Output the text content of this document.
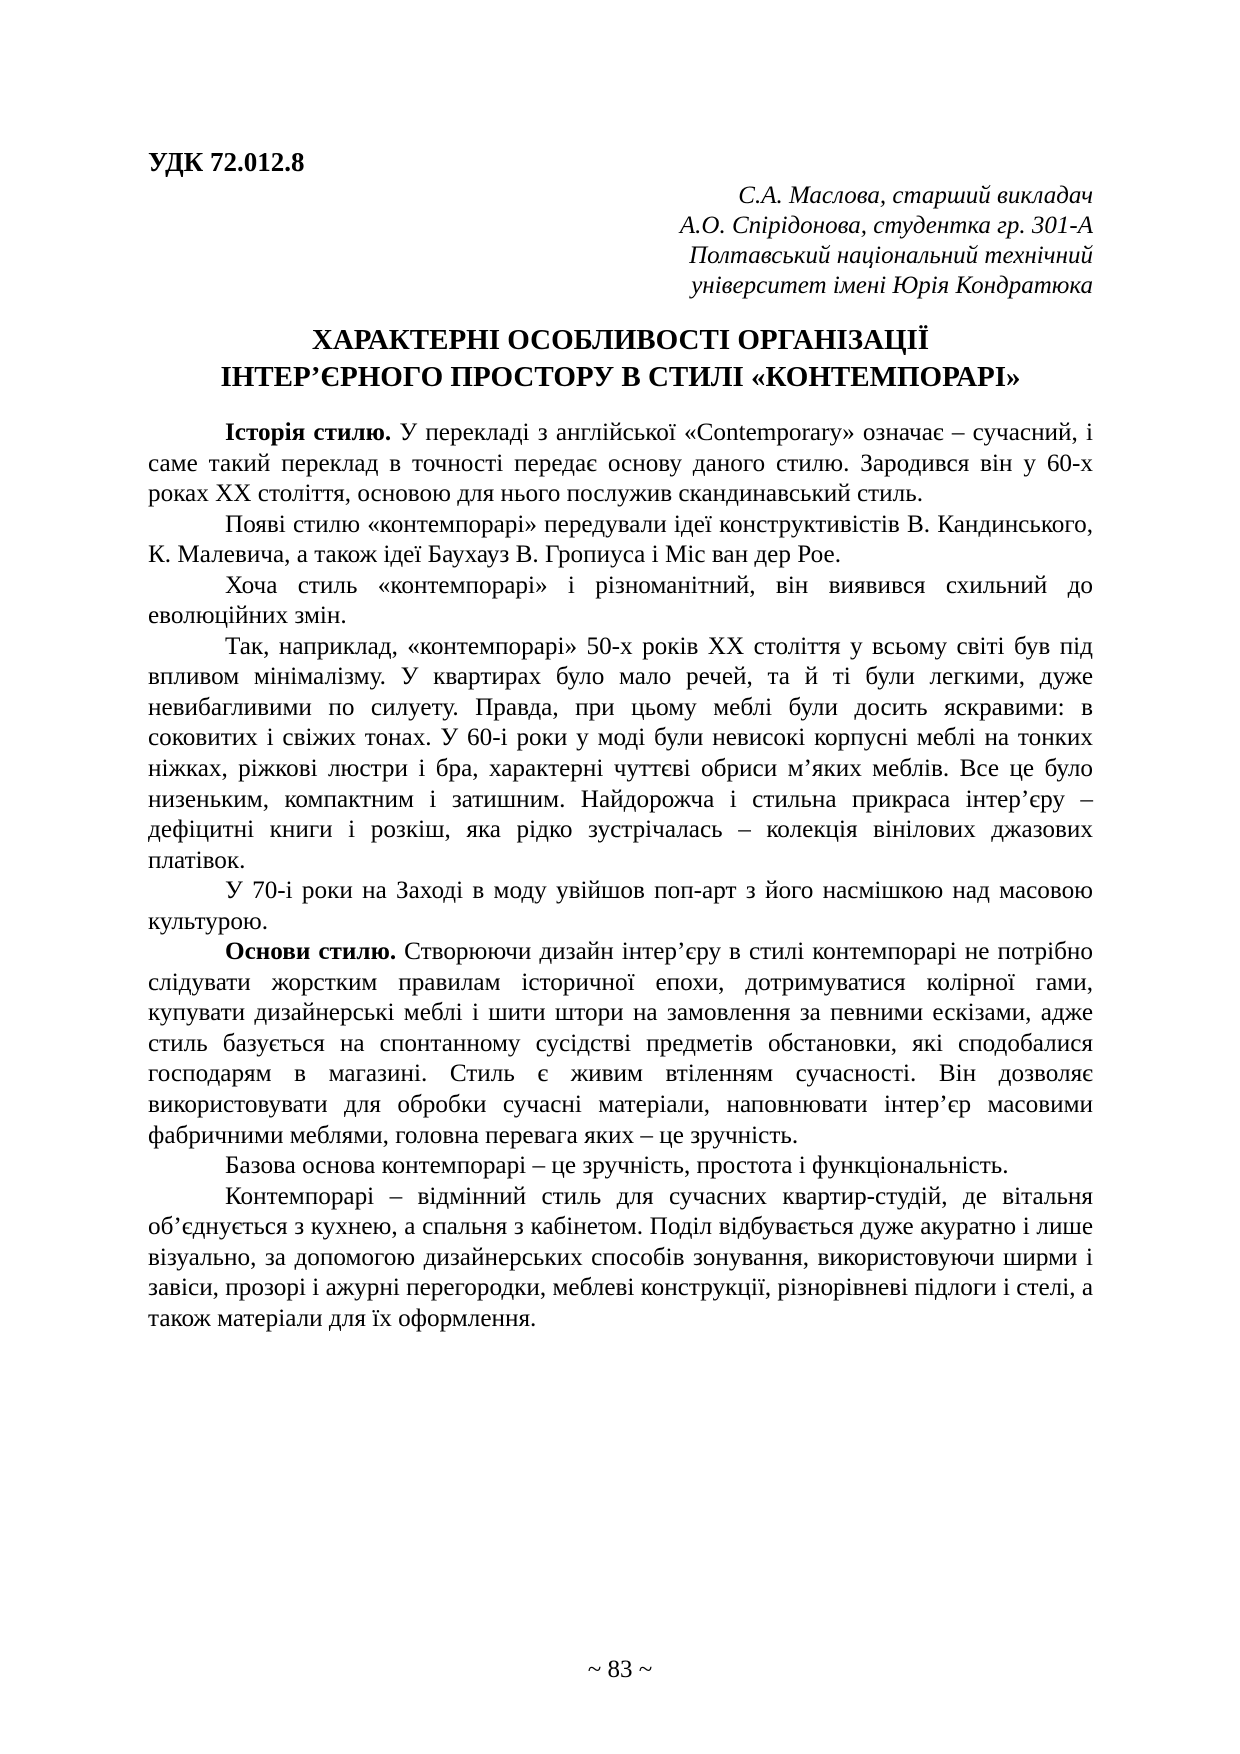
УДК 72.012.8
С.А. Маслова, старший викладач
А.О. Спірідонова, студентка гр. 301-А
Полтавський національний технічний
університет імені Юрія Кондратюка
ХАРАКТЕРНІ ОСОБЛИВОСТІ ОРГАНІЗАЦІЇ
ІНТЕР’ЄРНОГО ПРОСТОРУ В СТИЛІ «КОНТЕМПОРАРІ»

Історія стилю. У перекладі з англійської «Contemporary» означає – сучасний, і саме такий переклад в точності передає основу даного стилю. Зародився він у 60-х роках XX століття, основою для нього послужив скандинавський стиль.

Появі стилю «контемпорарі» передували ідеї конструктивістів В. Кандинського, К. Малевича, а також ідеї Баухауз В. Гропиуса і Міс ван дер Рое.

Хоча стиль «контемпорарі» і різноманітний, він виявився схильний до еволюційних змін.

Так, наприклад, «контемпорарі» 50-х років XX століття у всьому світі був під впливом мінімалізму. У квартирах було мало речей, та й ті були легкими, дуже невибагливими по силуету. Правда, при цьому меблі були досить яскравими: в соковитих і свіжих тонах. У 60-і роки у моді були невисокі корпусні меблі на тонких ніжках, ріжкові люстри і бра, характерні чуттєві обриси м’яких меблів. Все це було низеньким, компактним і затишним. Найдорожча і стильна прикраса інтер’єру – дефіцитні книги і розкіш, яка рідко зустрічалась – колекція вінілових джазових платівок.

У 70-і роки на Заході в моду увійшов поп-арт з його насмішкою над масовою культурою.

Основи стилю. Створюючи дизайн інтер’єру в стилі контемпорарі не потрібно слідувати жорстким правилам історичної епохи, дотримуватися колірної гами, купувати дизайнерські меблі і шити штори на замовлення за певними ескізами, адже стиль базується на спонтанному сусідстві предметів обстановки, які сподобалися господарям в магазині. Стиль є живим втіленням сучасності. Він дозволяє використовувати для обробки сучасні матеріали, наповнювати інтер’єр масовими фабричними меблями, головна перевага яких – це зручність.

Базова основа контемпорарі – це зручність, простота і функціональність.

Контемпорарі – відмінний стиль для сучасних квартир-студій, де вітальня об’єднується з кухнею, а спальня з кабінетом. Поділ відбувається дуже акуратно і лише візуально, за допомогою дизайнерських способів зонування, використовуючи ширми і завіси, прозорі і ажурні перегородки, меблеві конструкції, різнорівневі підлоги і стелі, а також матеріали для їх оформлення.

~ 83 ~
